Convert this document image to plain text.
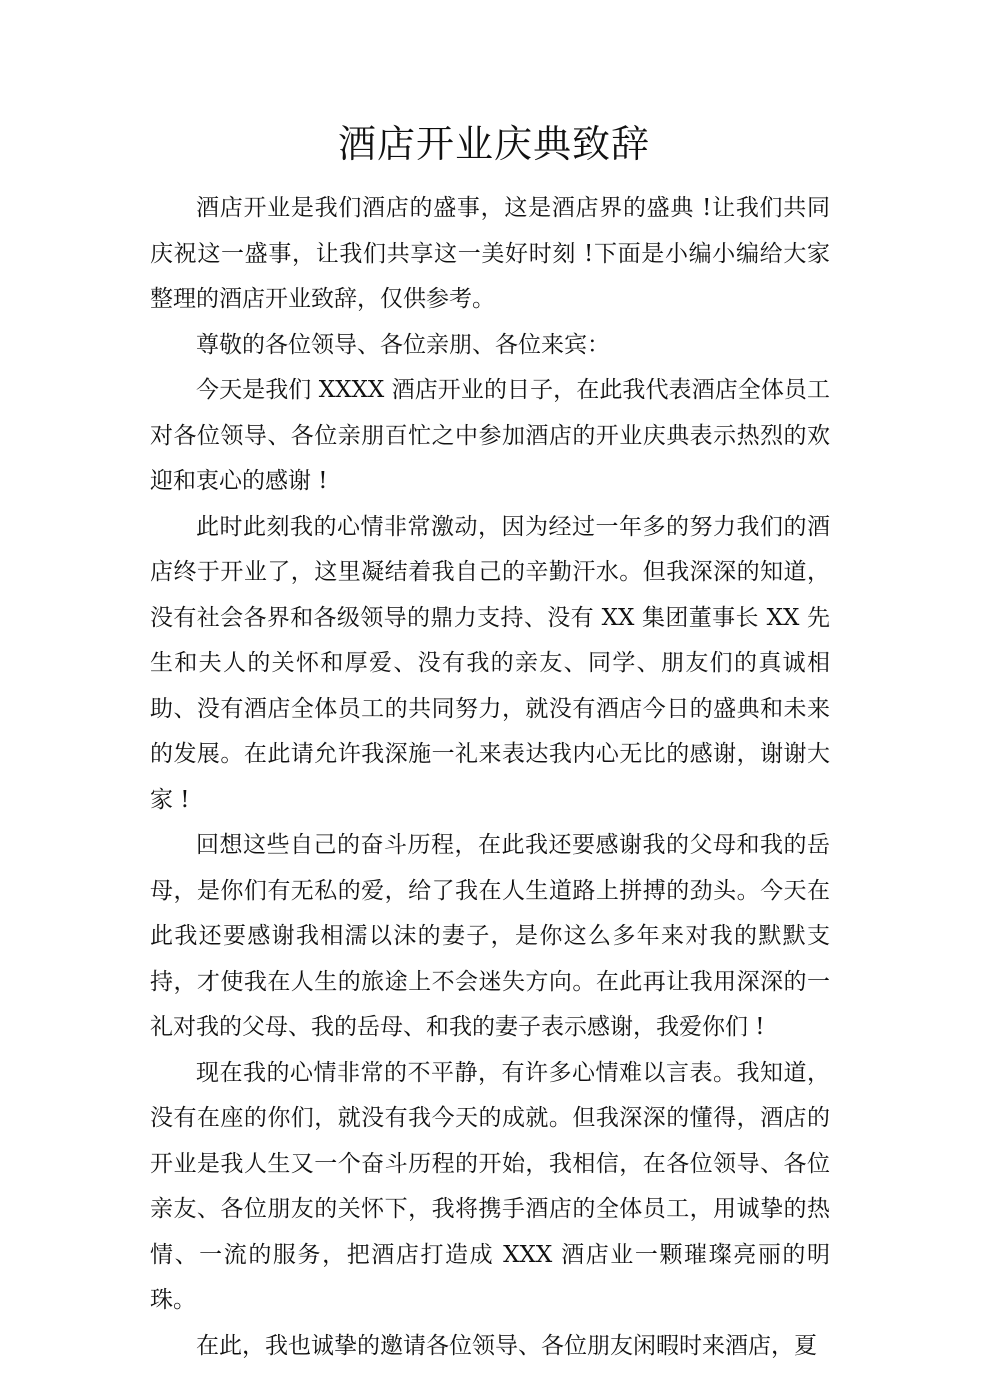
酒店开业庆典致辞

酒店开业是我们酒店的盛事，这是酒店界的盛典 !让我们共同庆祝这一盛事，让我们共享这一美好时刻 !下面是小编小编给大家整理的酒店开业致辞，仅供参考。

尊敬的各位领导、各位亲朋、各位来宾：

今天是我们 XXXX 酒店开业的日子，在此我代表酒店全体员工对各位领导、各位亲朋百忙之中参加酒店的开业庆典表示热烈的欢迎和衷心的感谢 !

此时此刻我的心情非常激动，因为经过一年多的努力我们的酒店终于开业了，这里凝结着我自己的辛勤汗水。但我深深的知道，没有社会各界和各级领导的鼎力支持、没有 XX 集团董事长 XX 先生和夫人的关怀和厚爱、没有我的亲友、同学、朋友们的真诚相助、没有酒店全体员工的共同努力，就没有酒店今日的盛典和未来的发展。在此请允许我深施一礼来表达我内心无比的感谢，谢谢大家 !

回想这些自己的奋斗历程，在此我还要感谢我的父母和我的岳母，是你们有无私的爱，给了我在人生道路上拼搏的劲头。今天在此我还要感谢我相濡以沫的妻子，是你这么多年来对我的默默支持，才使我在人生的旅途上不会迷失方向。在此再让我用深深的一礼对我的父母、我的岳母、和我的妻子表示感谢，我爱你们 !

现在我的心情非常的不平静，有许多心情难以言表。我知道，没有在座的你们，就没有我今天的成就。但我深深的懂得，酒店的开业是我人生又一个奋斗历程的开始，我相信，在各位领导、各位亲友、各位朋友的关怀下，我将携手酒店的全体员工，用诚挚的热情、一流的服务，把酒店打造成 XXX 酒店业一颗璀璨亮丽的明珠。

在此，我也诚挚的邀请各位领导、各位朋友闲暇时来酒店，夏
